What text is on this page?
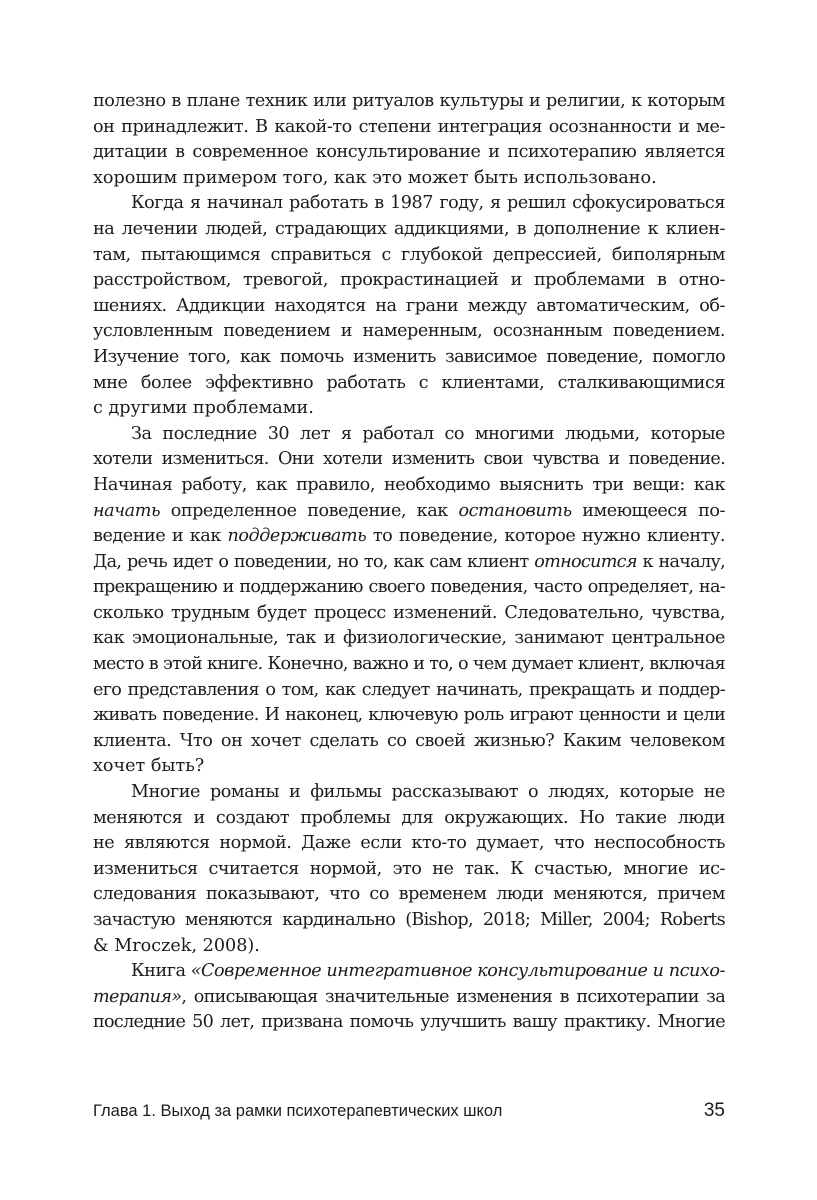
полезно в плане техник или ритуалов культуры и религии, к которым
он принадлежит. В какой-то степени интеграция осознанности и ме-
дитации в современное консультирование и психотерапию является
хорошим примером того, как это может быть использовано.
Когда я начинал работать в 1987 году, я решил сфокусироваться
на лечении людей, страдающих аддикциями, в дополнение к клиен-
там, пытающимся справиться с глубокой депрессией, биполярным
расстройством, тревогой, прокрастинацией и проблемами в отно-
шениях. Аддикции находятся на грани между автоматическим, об-
условленным поведением и намеренным, осознанным поведением.
Изучение того, как помочь изменить зависимое поведение, помогло
мне более эффективно работать с клиентами, сталкивающимися
с другими проблемами.
За последние 30 лет я работал со многими людьми, которые
хотели измениться. Они хотели изменить свои чувства и поведение.
Начиная работу, как правило, необходимо выяснить три вещи: как
начать определенное поведение, как остановить имеющееся по-
ведение и как поддерживать то поведение, которое нужно клиенту.
Да, речь идет о поведении, но то, как сам клиент относится к началу,
прекращению и поддержанию своего поведения, часто определяет, на-
сколько трудным будет процесс изменений. Следовательно, чувства,
как эмоциональные, так и физиологические, занимают центральное
место в этой книге. Конечно, важно и то, о чем думает клиент, включая
его представления о том, как следует начинать, прекращать и поддер-
живать поведение. И наконец, ключевую роль играют ценности и цели
клиента. Что он хочет сделать со своей жизнью? Каким человеком
хочет быть?
Многие романы и фильмы рассказывают о людях, которые не
меняются и создают проблемы для окружающих. Но такие люди
не являются нормой. Даже если кто-то думает, что неспособность
измениться считается нормой, это не так. К счастью, многие ис-
следования показывают, что со временем люди меняются, причем
зачастую меняются кардинально (Bishop, 2018; Miller, 2004; Roberts
& Mroczek, 2008).
Книга «Современное интегративное консультирование и психо-
терапия», описывающая значительные изменения в психотерапии за
последние 50 лет, призвана помочь улучшить вашу практику. Многие
Глава 1. Выход за рамки психотерапевтических школ	35
